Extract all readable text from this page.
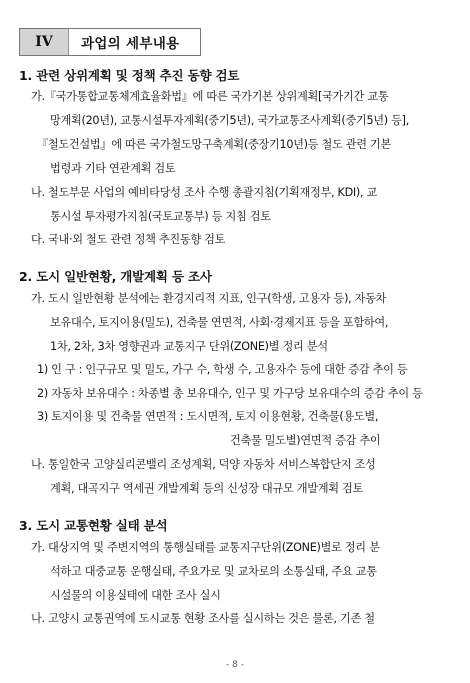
IV	과업의 세부내용
1. 관련 상위계획 및 정책 추진 동향 검토
가.『국가통합교통체계효율화법』에 따른 국가기본 상위계획[국가기간 교통
망계획(20년), 교통시설투자계획(중기5년), 국가교통조사계획(중기5년) 등],
『철도건설법』에 따른 국가철도망구축계획(중장기10년)등 철도 관련 기본
법령과 기타 연관계획 검토
나. 철도부문 사업의 예비타당성 조사 수행 총괄지침(기획재정부, KDI), 교
통시설 투자평가지침(국토교통부) 등 지침 검토
다. 국내·외 철도 관련 정책 추진동향 검토
2. 도시 일반현황, 개발계획 등 조사
가. 도시 일반현황 분석에는 환경지리적 지표, 인구(학생, 고용자 등), 자동차
보유대수, 토지이용(밀도), 건축물 연면적, 사회·경제지표 등을 포함하여,
1차, 2차, 3차 영향권과 교통지구 단위(ZONE)별 정리 분석
1) 인 구 : 인구규모 및 밀도, 가구 수, 학생 수, 고용자수 등에 대한 증감 추이 등
2) 자동차 보유대수 : 차종별 총 보유대수, 인구 및 가구당 보유대수의 증감 추이 등
3) 토지이용 및 건축물 연면적 : 도시면적, 토지 이용현황, 건축물(용도별,
건축물 밀도별)연면적 증감 추이
나. 통일한국 고양실리콘밸리 조성계획, 덕양 자동차 서비스복합단지 조성
계획, 대곡지구 역세권 개발계획 등의 신성장 대규모 개발계획 검토
3. 도시 교통현황 실태 분석
가. 대상지역 및 주변지역의 통행실태를 교통지구단위(ZONE)별로 정리 분
석하고 대중교통 운행실태, 주요가로 및 교차로의 소통실태, 주요 교통
시설물의 이용실태에 대한 조사 실시
나. 고양시 교통권역에 도시교통 현황 조사를 실시하는 것은 물론, 기존 철
- 8 -
